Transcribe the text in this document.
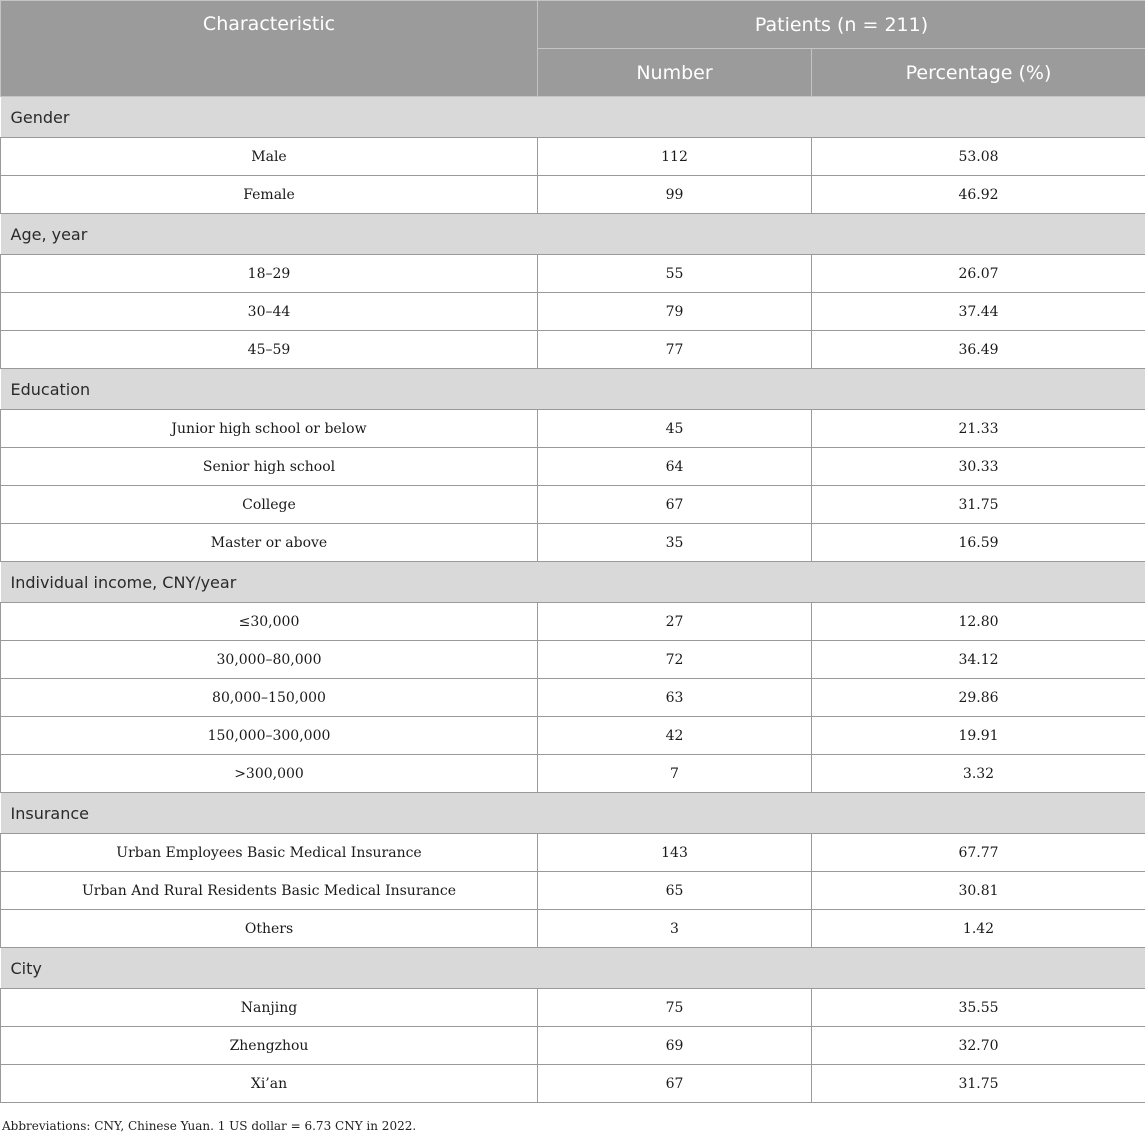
Characteristic	Patients (n = 211)	
	Number	Percentage (%)
Gender		
Male	112	53.08
Female	99	46.92
Age, year		
18–29	55	26.07
30–44	79	37.44
45–59	77	36.49
Education		
Junior high school or below	45	21.33
Senior high school	64	30.33
College	67	31.75
Master or above	35	16.59
Individual income, CNY/year		
≤30,000	27	12.80
30,000–80,000	72	34.12
80,000–150,000	63	29.86
150,000–300,000	42	19.91
>300,000	7	3.32
Insurance		
Urban Employees Basic Medical Insurance	143	67.77
Urban And Rural Residents Basic Medical Insurance	65	30.81
Others	3	1.42
City		
Nanjing	75	35.55
Zhengzhou	69	32.70
Xi’an	67	31.75
Abbreviations: CNY, Chinese Yuan. 1 US dollar = 6.73 CNY in 2022.
